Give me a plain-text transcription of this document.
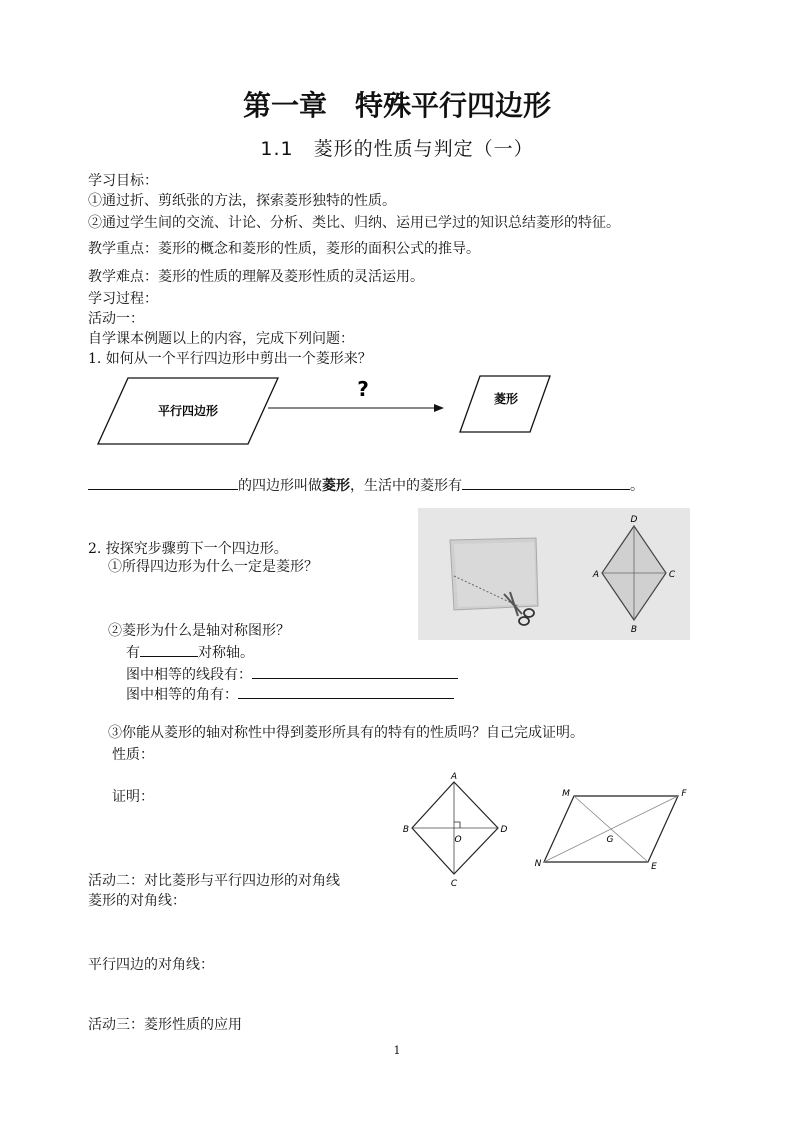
第一章　特殊平行四边形
1.1　菱形的性质与判定（一）
学习目标：
①通过折、剪纸张的方法，探索菱形独特的性质。
②通过学生间的交流、计论、分析、类比、归纳、运用已学过的知识总结菱形的特征。
教学重点：菱形的概念和菱形的性质，菱形的面积公式的推导。
教学难点：菱形的性质的理解及菱形性质的灵活运用。
学习过程：
活动一：
自学课本例题以上的内容，完成下列问题：
1. 如何从一个平行四边形中剪出一个菱形来？
平行四边形
?	菱形
的四边形叫做菱形，生活中的菱形有	。
2. 按探究步骤剪下一个四边形。
①所得四边形为什么一定是菱形？
②菱形为什么是轴对称图形？
有	对称轴。
图中相等的线段有：
图中相等的角有：
③你能从菱形的轴对称性中得到菱形所具有的特有的性质吗？自己完成证明。
性质：
证明：
D
A	C
B
A
B	D
C
O
M	F
N	E
G
活动二：对比菱形与平行四边形的对角线
菱形的对角线：
平行四边的对角线：
活动三：菱形性质的应用
1
